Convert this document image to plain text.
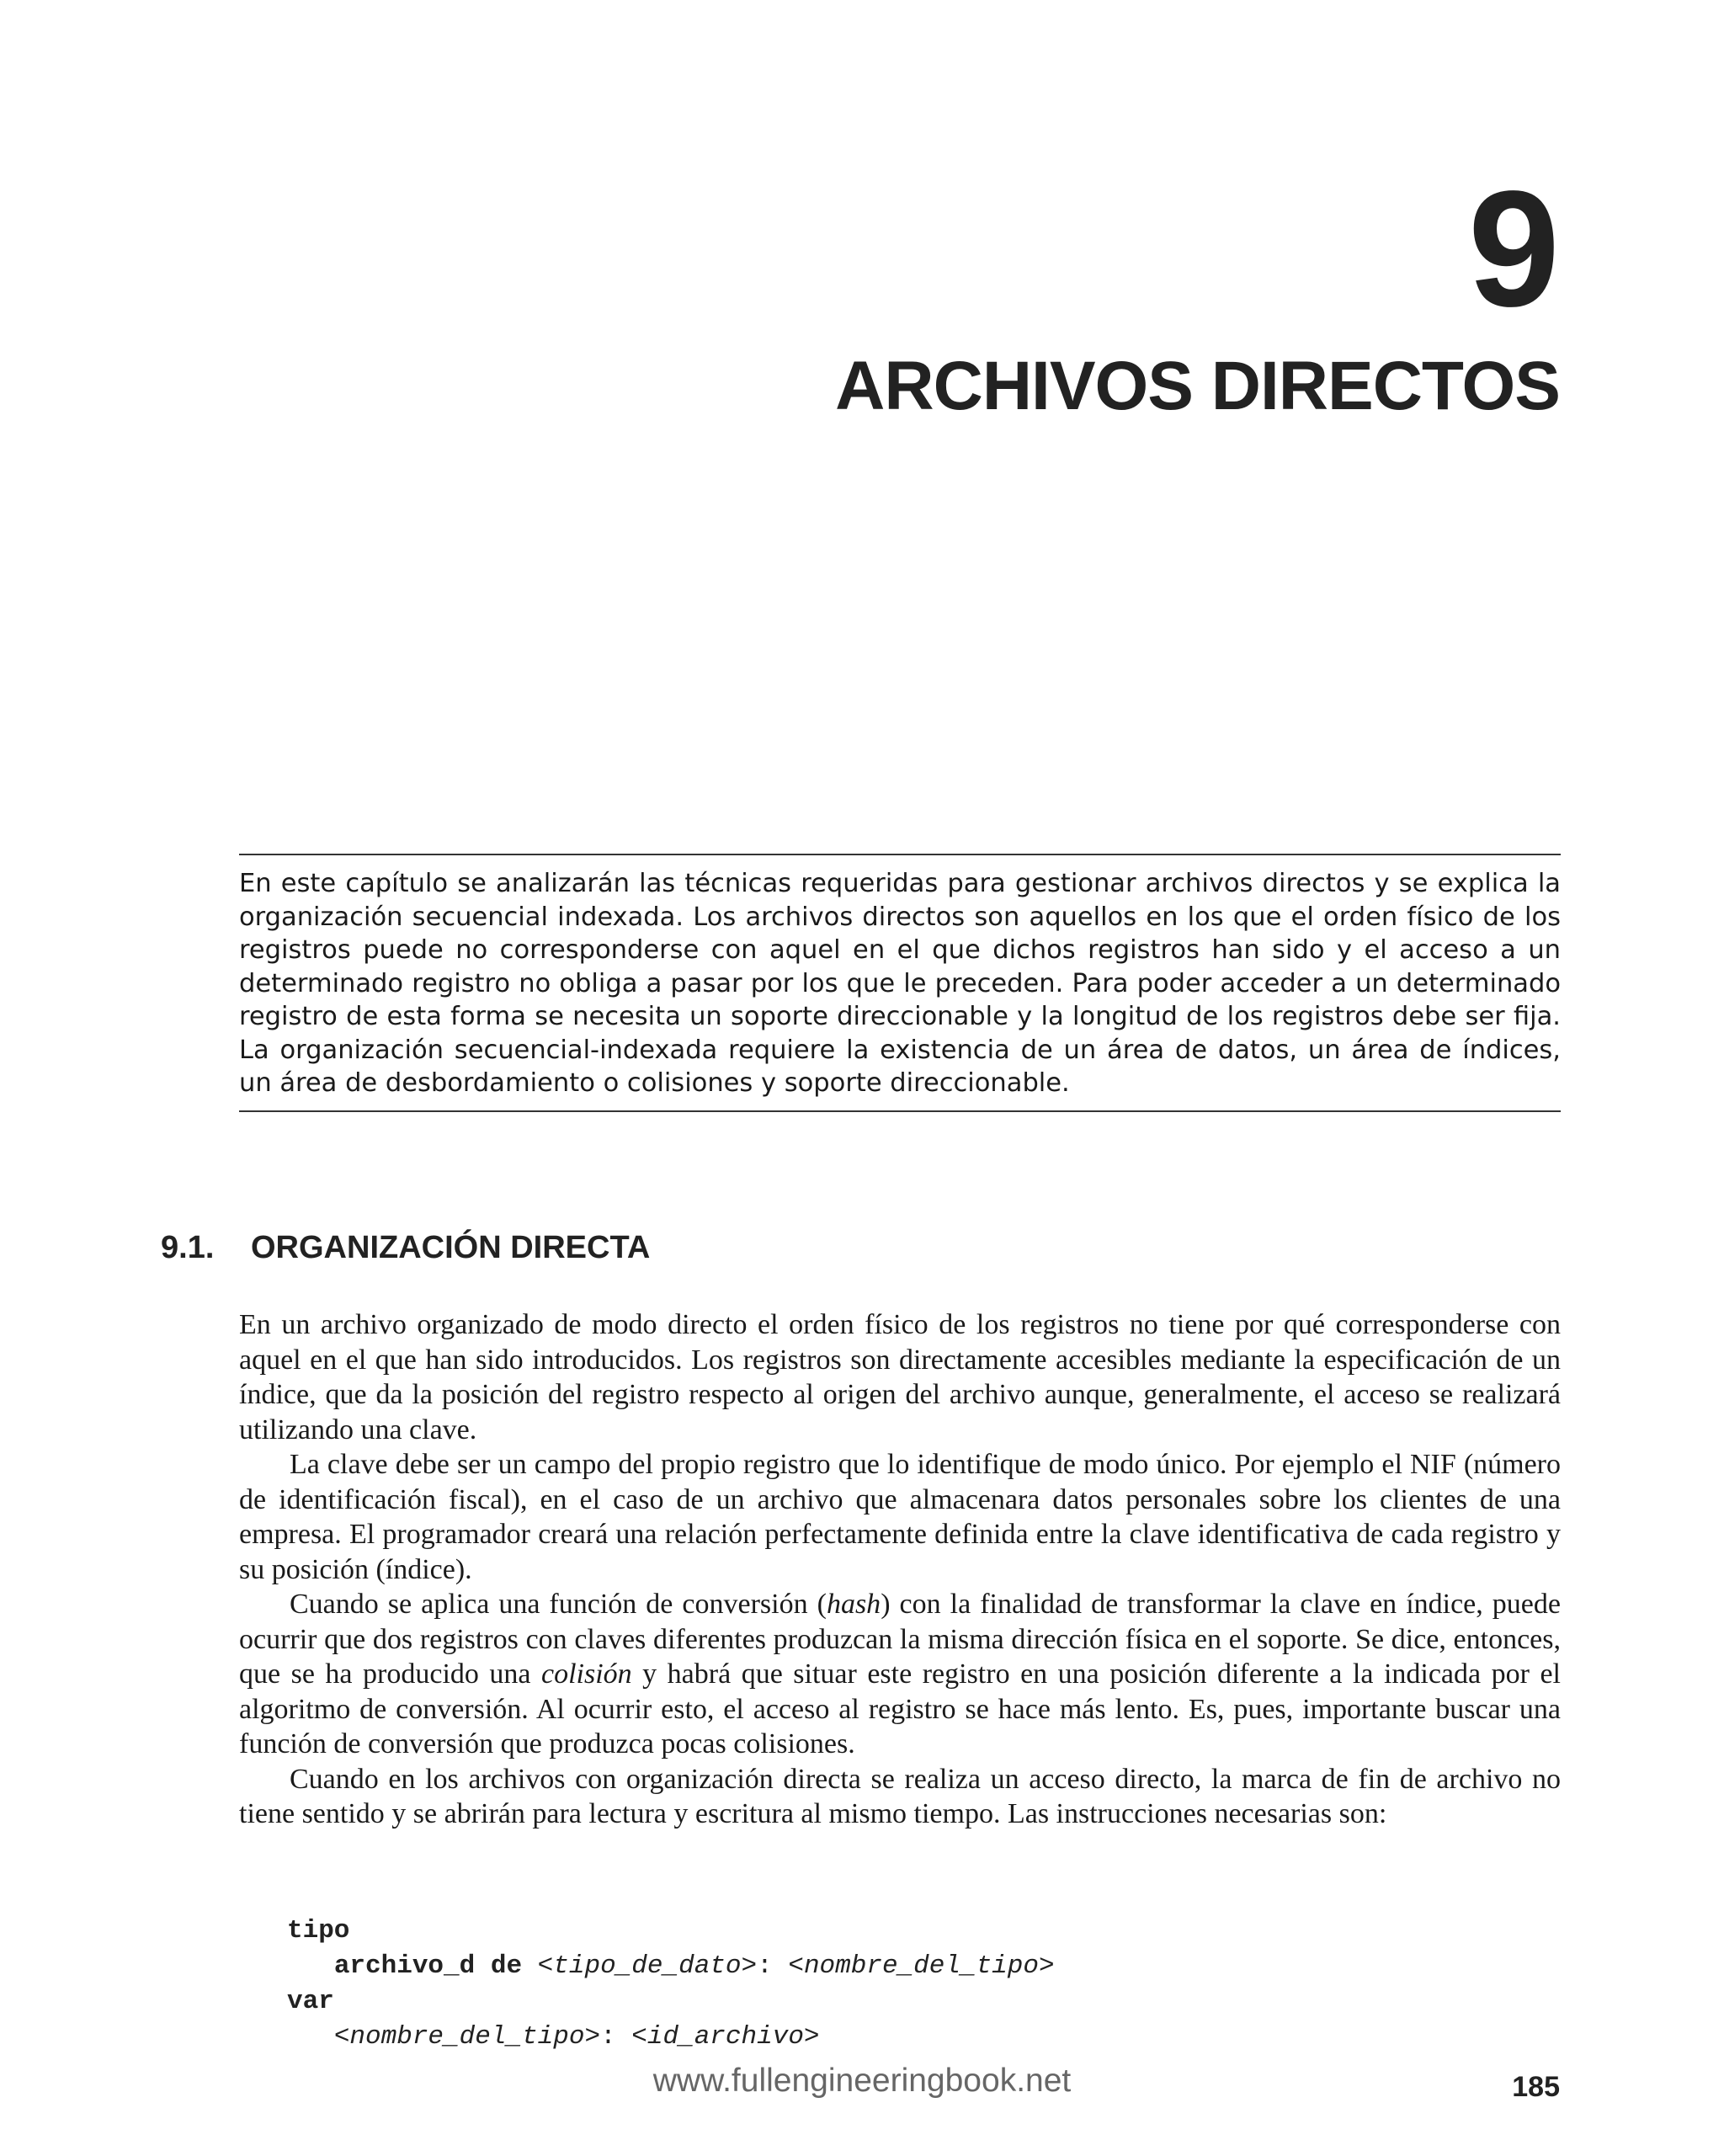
9
ARCHIVOS DIRECTOS

En este capítulo se analizarán las técnicas requeridas para gestionar archivos directos y se explica la organización secuencial indexada. Los archivos directos son aquellos en los que el orden físico de los registros puede no corresponderse con aquel en el que dichos registros han sido y el acceso a un determinado registro no obliga a pasar por los que le preceden. Para poder acceder a un determinado registro de esta forma se necesita un soporte direccionable y la longitud de los registros debe ser fija. La organización secuencial-indexada requiere la existencia de un área de datos, un área de índices, un área de desbordamiento o colisiones y soporte direccionable.

9.1. ORGANIZACIÓN DIRECTA

En un archivo organizado de modo directo el orden físico de los registros no tiene por qué corresponderse con aquel en el que han sido introducidos. Los registros son directamente accesibles mediante la especificación de un índice, que da la posición del registro respecto al origen del archivo aunque, generalmente, el acceso se realizará utilizando una clave.

La clave debe ser un campo del propio registro que lo identifique de modo único. Por ejemplo el NIF (número de identificación fiscal), en el caso de un archivo que almacenara datos personales sobre los clientes de una empresa. El programador creará una relación perfectamente definida entre la clave identificativa de cada registro y su posición (índice).

Cuando se aplica una función de conversión (hash) con la finalidad de transformar la clave en índice, puede ocurrir que dos registros con claves diferentes produzcan la misma dirección física en el soporte. Se dice, entonces, que se ha producido una colisión y habrá que situar este registro en una posición diferente a la indicada por el algoritmo de conversión. Al ocurrir esto, el acceso al registro se hace más lento. Es, pues, importante buscar una función de conversión que produzca pocas colisiones.

Cuando en los archivos con organización directa se realiza un acceso directo, la marca de fin de archivo no tiene sentido y se abrirán para lectura y escritura al mismo tiempo. Las instrucciones necesarias son:

tipo
archivo_d de <tipo_de_dato>: <nombre_del_tipo>
var
<nombre_del_tipo>: <id_archivo>
www.fullengineeringbook.net	185
